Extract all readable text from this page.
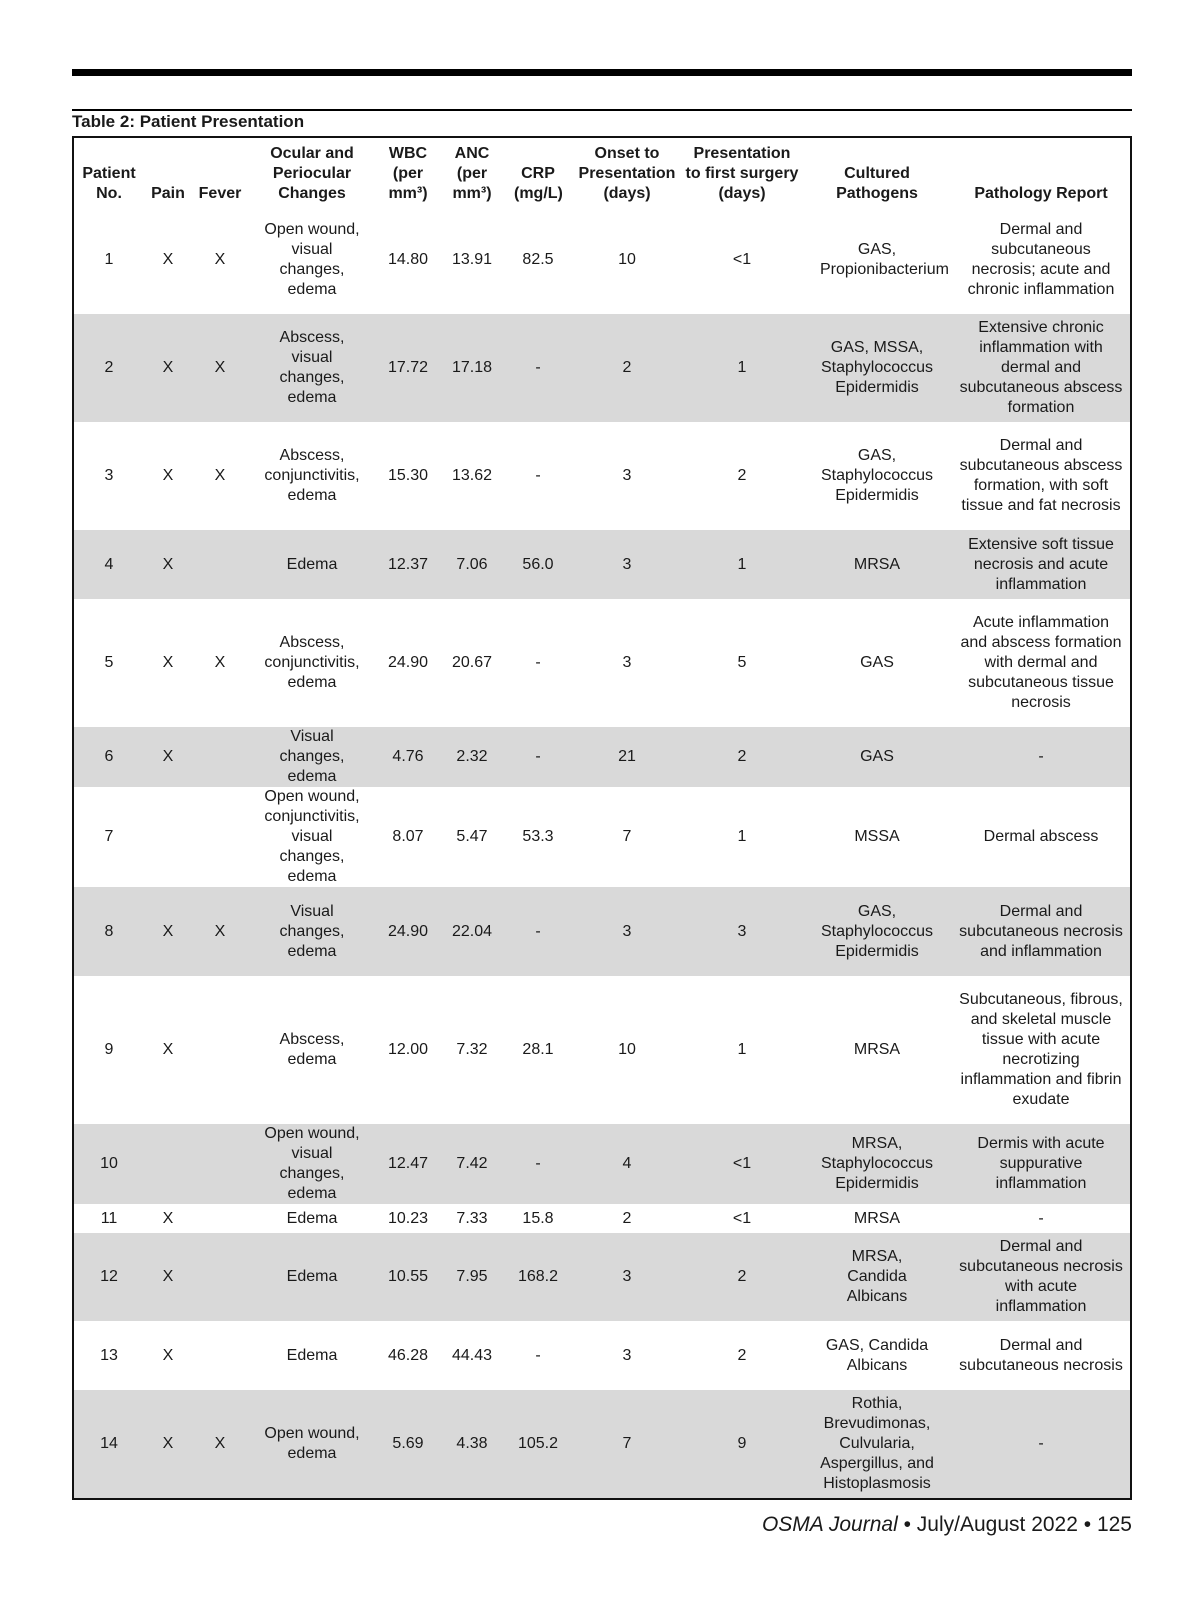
Table 2: Patient Presentation
Patient No.	Pain	Fever	Ocular and Periocular Changes	WBC (per mm³)	ANC (per mm³)	CRP (mg/L)	Onset to Presentation (days)	Presentation to first surgery (days)	Cultured Pathogens	Pathology Report
1	X	X	Open wound, visual changes, edema	14.80	13.91	82.5	10	<1	GAS, Propionibacterium	Dermal and subcutaneous necrosis; acute and chronic inflammation
2	X	X	Abscess, visual changes, edema	17.72	17.18	-	2	1	GAS, MSSA, Staphylococcus Epidermidis	Extensive chronic inflammation with dermal and subcutaneous abscess formation
3	X	X	Abscess, conjunctivitis, edema	15.30	13.62	-	3	2	GAS, Staphylococcus Epidermidis	Dermal and subcutaneous abscess formation, with soft tissue and fat necrosis
4	X		Edema	12.37	7.06	56.0	3	1	MRSA	Extensive soft tissue necrosis and acute inflammation
5	X	X	Abscess, conjunctivitis, edema	24.90	20.67	-	3	5	GAS	Acute inflammation and abscess formation with dermal and subcutaneous tissue necrosis
6	X		Visual changes, edema	4.76	2.32	-	21	2	GAS	-
7			Open wound, conjunctivitis, visual changes, edema	8.07	5.47	53.3	7	1	MSSA	Dermal abscess
8	X	X	Visual changes, edema	24.90	22.04	-	3	3	GAS, Staphylococcus Epidermidis	Dermal and subcutaneous necrosis and inflammation
9	X		Abscess, edema	12.00	7.32	28.1	10	1	MRSA	Subcutaneous, fibrous, and skeletal muscle tissue with acute necrotizing inflammation and fibrin exudate
10			Open wound, visual changes, edema	12.47	7.42	-	4	<1	MRSA, Staphylococcus Epidermidis	Dermis with acute suppurative inflammation
11	X		Edema	10.23	7.33	15.8	2	<1	MRSA	-
12	X		Edema	10.55	7.95	168.2	3	2	MRSA, Candida Albicans	Dermal and subcutaneous necrosis with acute inflammation
13	X		Edema	46.28	44.43	-	3	2	GAS, Candida Albicans	Dermal and subcutaneous necrosis
14	X	X	Open wound, edema	5.69	4.38	105.2	7	9	Rothia, Brevudimonas, Culvularia, Aspergillus, and Histoplasmosis	-
OSMA Journal • July/August 2022 • 125
